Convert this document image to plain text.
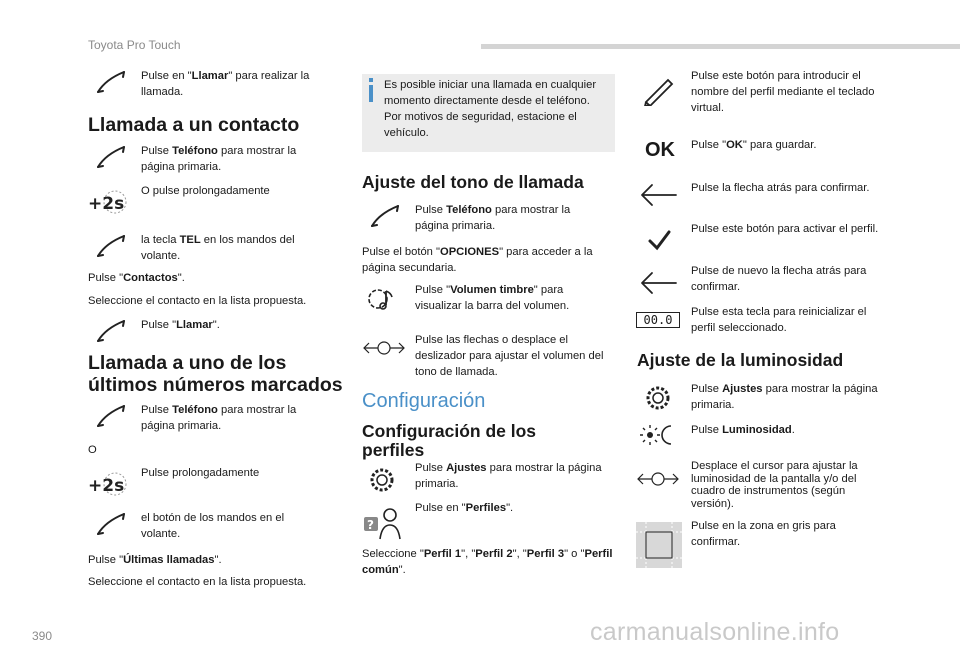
Toyota Pro Touch
Pulse en "Llamar" para realizar la llamada.
Llamada a un contacto
Pulse Teléfono para mostrar la página primaria.
+2s
O pulse prolongadamente
la tecla TEL en los mandos del volante.
Pulse "Contactos".
Seleccione el contacto en la lista propuesta.
Pulse "Llamar".
Llamada a uno de los últimos números marcados
Pulse Teléfono para mostrar la página primaria.
O
+2s
Pulse prolongadamente
el botón de los mandos en el volante.
Pulse "Últimas llamadas".
Seleccione el contacto en la lista propuesta.
Es posible iniciar una llamada en cualquier momento directamente desde el teléfono. Por motivos de seguridad, estacione el vehículo.
Ajuste del tono de llamada
Pulse Teléfono para mostrar la página primaria.
Pulse el botón "OPCIONES" para acceder a la página secundaria.
Pulse "Volumen timbre" para visualizar la barra del volumen.
Pulse las flechas o desplace el deslizador para ajustar el volumen del tono de llamada.
Configuración
Configuración de los perfiles
Pulse Ajustes para mostrar la página primaria.
?
Pulse en "Perfiles".
Seleccione "Perfil 1", "Perfil 2", "Perfil 3" o "Perfil común".
Pulse este botón para introducir el nombre del perfil mediante el teclado virtual.
OK Pulse "OK" para guardar.
Pulse la flecha atrás para confirmar.
Pulse este botón para activar el perfil.
Pulse de nuevo la flecha atrás para confirmar.
00.0
Pulse esta tecla para reinicializar el perfil seleccionado.
Ajuste de la luminosidad
Pulse Ajustes para mostrar la página primaria.
Pulse Luminosidad.
Desplace el cursor para ajustar la luminosidad de la pantalla y/o del cuadro de instrumentos (según versión).
Pulse en la zona en gris para confirmar.
390	carmanualsonline.info
